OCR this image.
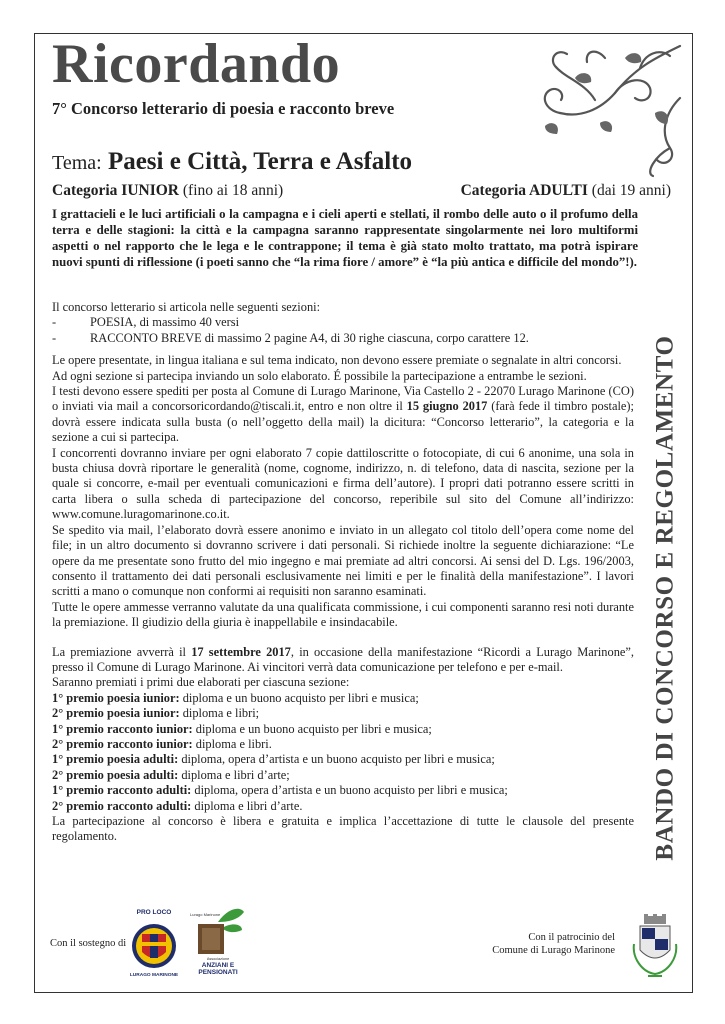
Ricordando
7° Concorso letterario di poesia e racconto breve
Tema: Paesi e Città, Terra e Asfalto
Categoria IUNIOR (fino ai 18 anni)	Categoria ADULTI (dai 19 anni)

I grattacieli e le luci artificiali o la campagna e i cieli aperti e stellati, il rombo delle auto o il profumo della terra e delle stagioni: la città e la campagna saranno rappresentate singolarmente nei loro multiformi aspetti o nel rapporto che le lega e le contrappone; il tema è già stato molto trattato, ma potrà ispirare nuovi spunti di riflessione (i poeti sanno che “la rima fiore / amore” è “la più antica e difficile del mondo”!).

Il concorso letterario si articola nelle seguenti sezioni:

- POESIA, di massimo 40 versi
- RACCONTO BREVE di massimo 2 pagine A4, di 30 righe ciascuna, corpo carattere 12.

Le opere presentate, in lingua italiana e sul tema indicato, non devono essere premiate o segnalate in altri concorsi.

Ad ogni sezione si partecipa inviando un solo elaborato. É possibile la partecipazione a entrambe le sezioni.

I testi devono essere spediti per posta al Comune di Lurago Marinone, Via Castello 2 - 22070 Lurago Marinone (CO) o inviati via mail a concorsoricordando@tiscali.it, entro e non oltre il 15 giugno 2017 (farà fede il timbro postale); dovrà essere indicata sulla busta (o nell’oggetto della mail) la dicitura: “Concorso letterario”, la categoria e la sezione a cui si partecipa.

I concorrenti dovranno inviare per ogni elaborato 7 copie dattiloscritte o fotocopiate, di cui 6 anonime, una sola in busta chiusa dovrà riportare le generalità (nome, cognome, indirizzo, n. di telefono, data di nascita, sezione per la quale si concorre, e-mail per eventuali comunicazioni e firma dell’autore). I propri dati potranno essere scritti in carta libera o sulla scheda di partecipazione del concorso, reperibile sul sito del Comune all’indirizzo: www.comune.luragomarinone.co.it.

Se spedito via mail, l’elaborato dovrà essere anonimo e inviato in un allegato col titolo dell’opera come nome del file; in un altro documento si dovranno scrivere i dati personali. Si richiede inoltre la seguente dichiarazione: “Le opere da me presentate sono frutto del mio ingegno e mai premiate ad altri concorsi. Ai sensi del D. Lgs. 196/2003, consento il trattamento dei dati personali esclusivamente nei limiti e per le finalità della manifestazione”. I lavori scritti a mano o comunque non conformi ai requisiti non saranno esaminati.

Tutte le opere ammesse verranno valutate da una qualificata commissione, i cui componenti saranno resi noti durante la premiazione. Il giudizio della giuria è inappellabile e insindacabile.

La premiazione avverrà il 17 settembre 2017, in occasione della manifestazione “Ricordi a Lurago Marinone”, presso il Comune di Lurago Marinone. Ai vincitori verrà data comunicazione per telefono e per e-mail.

Saranno premiati i primi due elaborati per ciascuna sezione:

1° premio poesia iunior: diploma e un buono acquisto per libri e musica;

2° premio poesia iunior: diploma e libri;

1° premio racconto iunior: diploma e un buono acquisto per libri e musica;

2° premio racconto iunior: diploma e libri.

1° premio poesia adulti: diploma, opera d’artista e un buono acquisto per libri e musica;

2° premio poesia adulti: diploma e libri d’arte;

1° premio racconto adulti: diploma, opera d’artista e un buono acquisto per libri e musica;

2° premio racconto adulti: diploma e libri d’arte.

La partecipazione al concorso è libera e gratuita e implica l’accettazione di tutte le clausole del presente regolamento.	BANDO DI CONCORSO E REGOLAMENTO
Con il sostegno di
PRO LOCO
LURAGO MARINONE
Lurago Marinone
Associazione
ANZIANI E
PENSIONATI
Con il patrocinio del
Comune di Lurago Marinone
